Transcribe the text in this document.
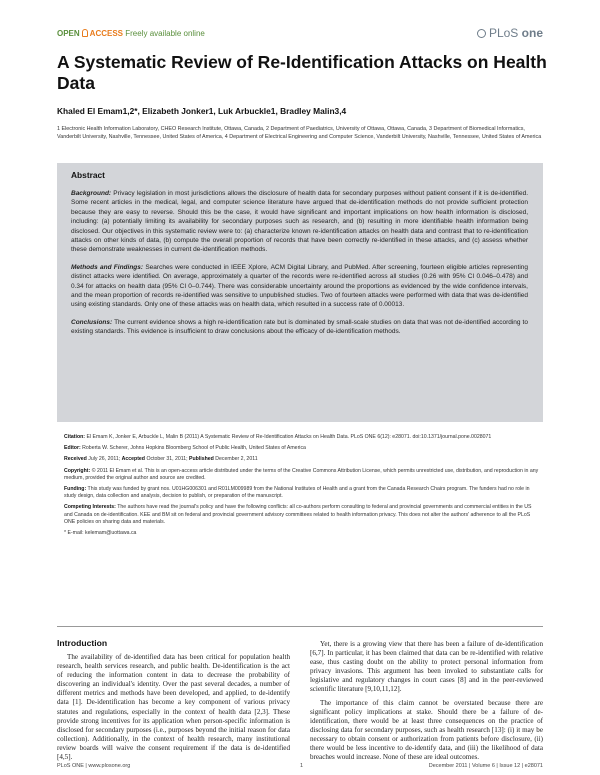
OPEN ACCESS Freely available online	PLoS one
A Systematic Review of Re-Identification Attacks on Health Data

Khaled El Emam1,2*, Elizabeth Jonker1, Luk Arbuckle1, Bradley Malin3,4

1 Electronic Health Information Laboratory, CHEO Research Institute, Ottawa, Canada, 2 Department of Paediatrics, University of Ottawa, Ottawa, Canada, 3 Department of Biomedical Informatics, Vanderbilt University, Nashville, Tennessee, United States of America, 4 Department of Electrical Engineering and Computer Science, Vanderbilt University, Nashville, Tennessee, United States of America

Abstract

Background: Privacy legislation in most jurisdictions allows the disclosure of health data for secondary purposes without patient consent if it is de-identified. Some recent articles in the medical, legal, and computer science literature have argued that de-identification methods do not provide sufficient protection because they are easy to reverse. Should this be the case, it would have significant and important implications on how health information is disclosed, including: (a) potentially limiting its availability for secondary purposes such as research, and (b) resulting in more identifiable health information being disclosed. Our objectives in this systematic review were to: (a) characterize known re-identification attacks on health data and contrast that to re-identification attacks on other kinds of data, (b) compute the overall proportion of records that have been correctly re-identified in these attacks, and (c) assess whether these demonstrate weaknesses in current de-identification methods.

Methods and Findings: Searches were conducted in IEEE Xplore, ACM Digital Library, and PubMed. After screening, fourteen eligible articles representing distinct attacks were identified. On average, approximately a quarter of the records were re-identified across all studies (0.26 with 95% CI 0.046–0.478) and 0.34 for attacks on health data (95% CI 0–0.744). There was considerable uncertainty around the proportions as evidenced by the wide confidence intervals, and the mean proportion of records re-identified was sensitive to unpublished studies. Two of fourteen attacks were performed with data that was de-identified using existing standards. Only one of these attacks was on health data, which resulted in a success rate of 0.00013.

Conclusions: The current evidence shows a high re-identification rate but is dominated by small-scale studies on data that was not de-identified according to existing standards. This evidence is insufficient to draw conclusions about the efficacy of de-identification methods.

Citation: El Emam K, Jonker E, Arbuckle L, Malin B (2011) A Systematic Review of Re-Identification Attacks on Health Data. PLoS ONE 6(12): e28071. doi:10.1371/journal.pone.0028071

Editor: Roberta W. Scherer, Johns Hopkins Bloomberg School of Public Health, United States of America

Received July 26, 2011; Accepted October 31, 2011; Published December 2, 2011

Copyright: © 2011 El Emam et al. This is an open-access article distributed under the terms of the Creative Commons Attribution License, which permits unrestricted use, distribution, and reproduction in any medium, provided the original author and source are credited.

Funding: This study was funded by grant nos. U01HG006301 and R01LM009989 from the National Institutes of Health and a grant from the Canada Research Chairs program. The funders had no role in study design, data collection and analysis, decision to publish, or preparation of the manuscript.

Competing Interests: The authors have read the journal's policy and have the following conflicts: all co-authors perform consulting to federal and provincial governments and commercial entities in the US and Canada on de-identification. KEE and BM sit on federal and provincial government advisory committees related to health information privacy. This does not alter the authors' adherence to all the PLoS ONE policies on sharing data and materials.

* E-mail: kelemam@uottawa.ca

Introduction

The availability of de-identified data has been critical for population health research, health services research, and public health. De-identification is the act of reducing the information content in data to decrease the probability of discovering an individual's identity. Over the past several decades, a number of different metrics and methods have been developed, and applied, to de-identify data [1]. De-identification has become a key component of various privacy statutes and regulations, especially in the context of health data [2,3]. These provide strong incentives for its application when person-specific information is disclosed for secondary purposes (i.e., purposes beyond the initial reason for data collection). Additionally, in the context of health research, many institutional review boards will waive the consent requirement if the data is de-identified [4,5].

Yet, there is a growing view that there has been a failure of de-identification [6,7]. In particular, it has been claimed that data can be re-identified with relative ease, thus casting doubt on the ability to protect personal information from privacy invasions. This argument has been invoked to substantiate calls for legislative and regulatory changes in court cases [8] and in the peer-reviewed scientific literature [9,10,11,12].

The importance of this claim cannot be overstated because there are significant policy implications at stake. Should there be a failure of de-identification, there would be at least three consequences on the practice of disclosing data for secondary purposes, such as health research [13]: (i) it may be necessary to obtain consent or authorization from patients before disclosure, (ii) there would be less incentive to de-identify data, and (iii) the likelihood of data breaches would increase. None of these are ideal outcomes.

PLoS ONE | www.plosone.org	1	December 2011 | Volume 6 | Issue 12 | e28071
